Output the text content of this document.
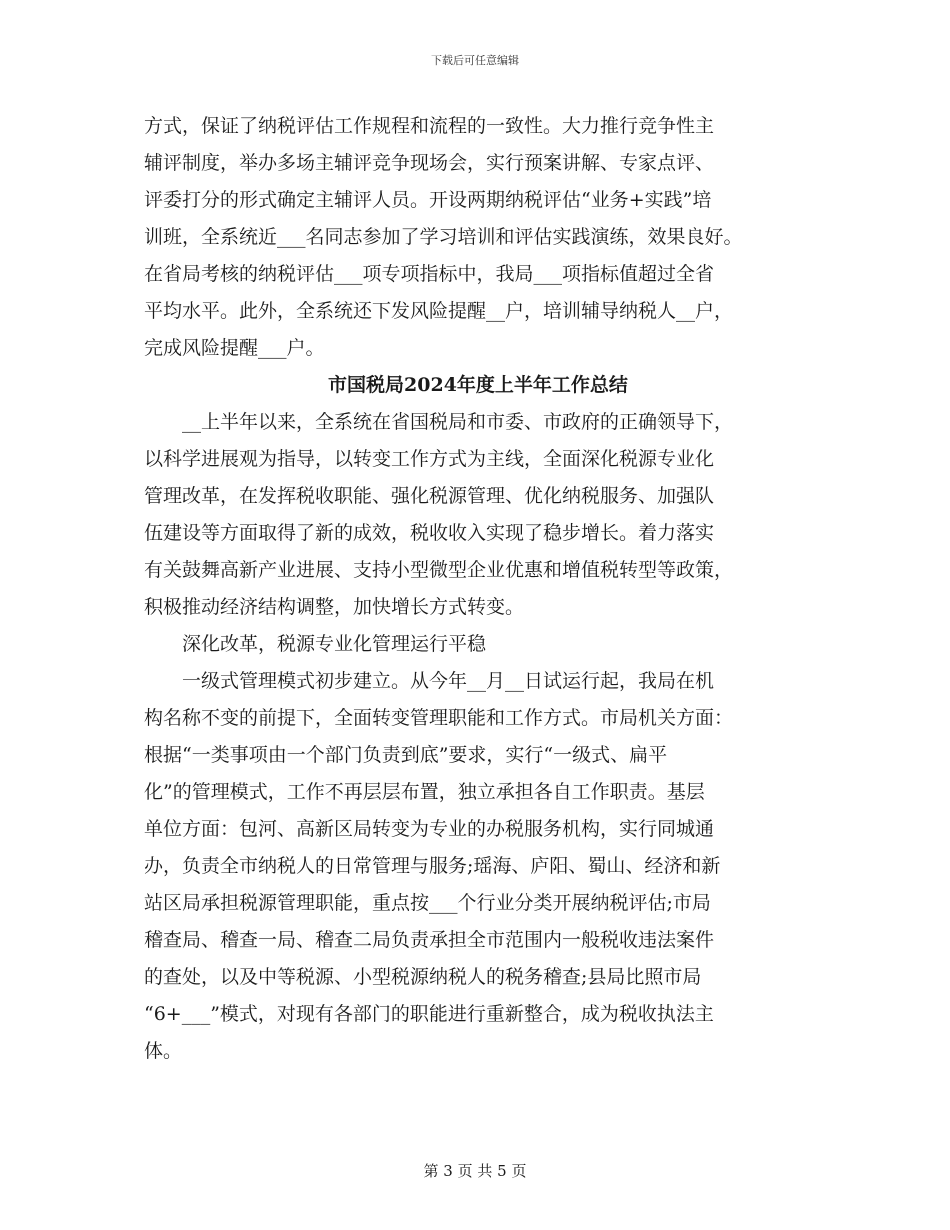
下载后可任意编辑
方式，保证了纳税评估工作规程和流程的一致性。大力推行竞争性主
辅评制度，举办多场主辅评竞争现场会，实行预案讲解、专家点评、
评委打分的形式确定主辅评人员。开设两期纳税评估“业务+实践”培
训班，全系统近___名同志参加了学习培训和评估实践演练，效果良好。
在省局考核的纳税评估___项专项指标中，我局___项指标值超过全省
平均水平。此外，全系统还下发风险提醒__户，培训辅导纳税人__户，
完成风险提醒___户。
市国税局2024年度上半年工作总结
　　__上半年以来，全系统在省国税局和市委、市政府的正确领导下，
以科学进展观为指导，以转变工作方式为主线，全面深化税源专业化
管理改革，在发挥税收职能、强化税源管理、优化纳税服务、加强队
伍建设等方面取得了新的成效，税收收入实现了稳步增长。着力落实
有关鼓舞高新产业进展、支持小型微型企业优惠和增值税转型等政策，
积极推动经济结构调整，加快增长方式转变。
　　深化改革，税源专业化管理运行平稳
　　一级式管理模式初步建立。从今年__月__日试运行起，我局在机
构名称不变的前提下，全面转变管理职能和工作方式。市局机关方面：
根据“一类事项由一个部门负责到底”要求，实行“一级式、扁平
化”的管理模式，工作不再层层布置，独立承担各自工作职责。基层
单位方面：包河、高新区局转变为专业的办税服务机构，实行同城通
办，负责全市纳税人的日常管理与服务;瑶海、庐阳、蜀山、经济和新
站区局承担税源管理职能，重点按___个行业分类开展纳税评估;市局
稽查局、稽查一局、稽查二局负责承担全市范围内一般税收违法案件
的查处，以及中等税源、小型税源纳税人的税务稽查;县局比照市局
“6+___”模式，对现有各部门的职能进行重新整合，成为税收执法主
体。
第 3 页 共 5 页
